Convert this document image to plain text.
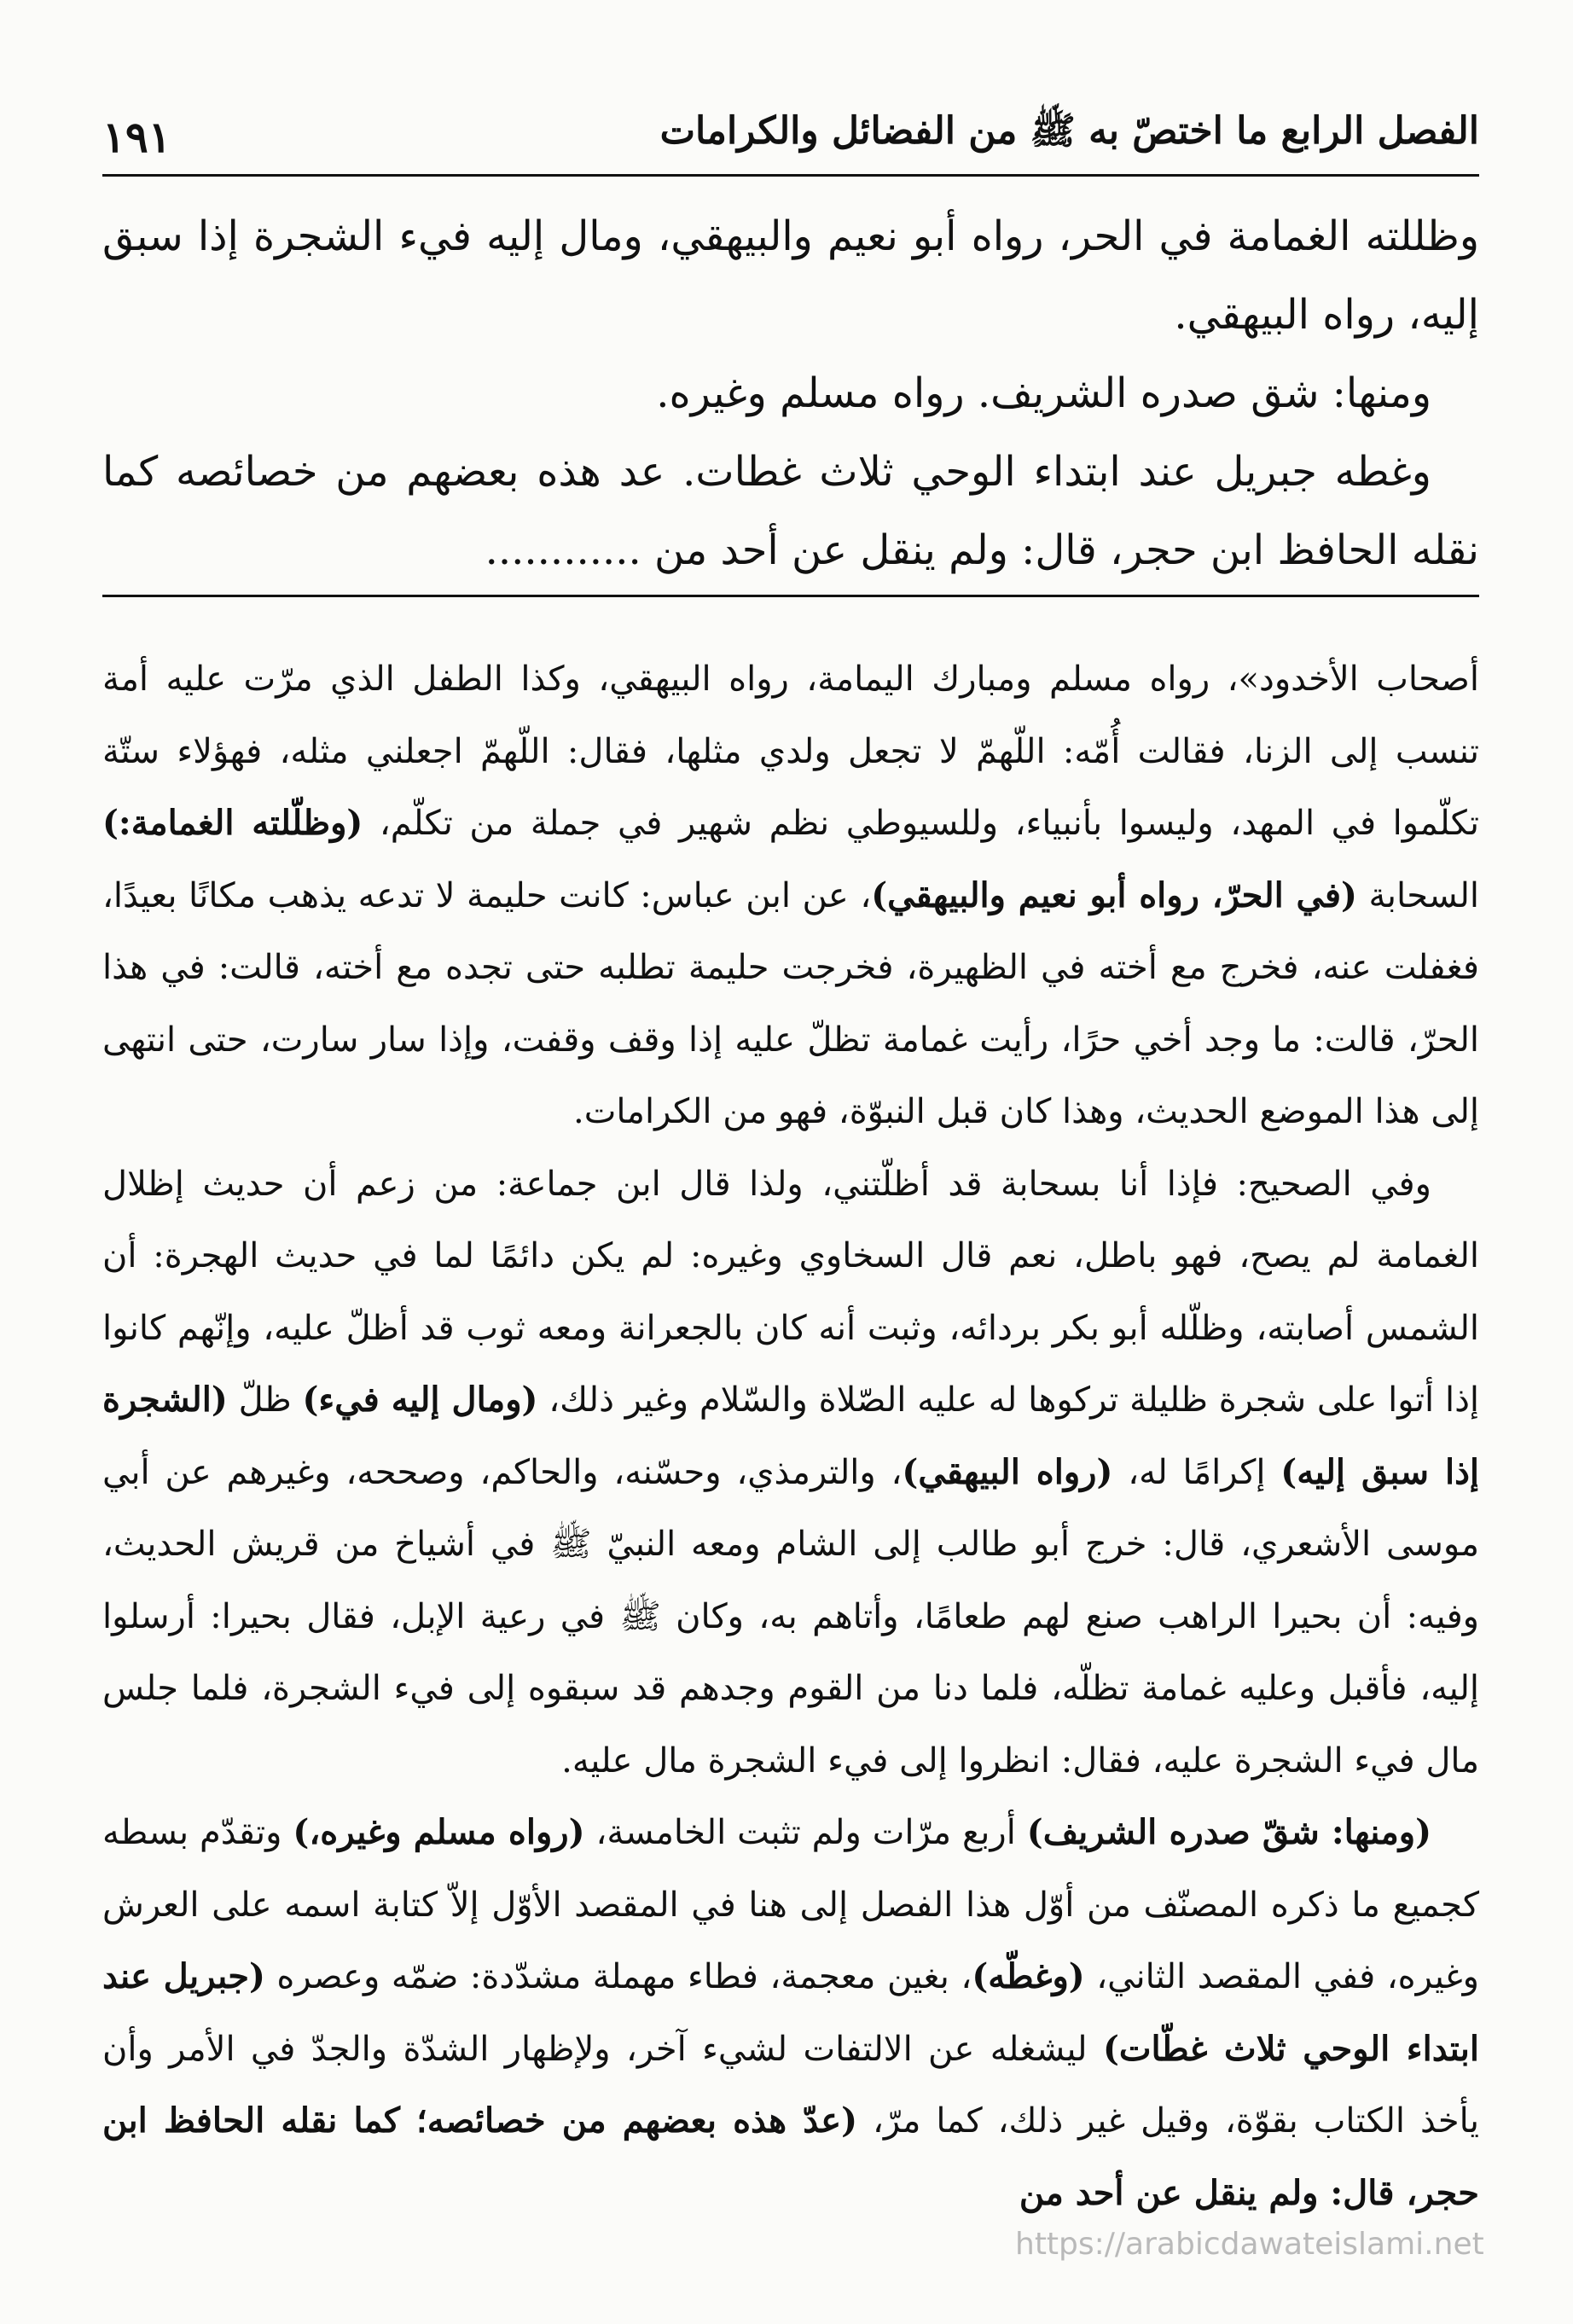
الفصل الرابع ما اختصّ به ﷺ من الفضائل والكرامات
١٩١

وظللته الغمامة في الحر، رواه أبو نعيم والبيهقي، ومال إليه فيء الشجرة إذا سبق إليه، رواه البيهقي.

ومنها: شق صدره الشريف. رواه مسلم وغيره.

وغطه جبريل عند ابتداء الوحي ثلاث غطات. عد هذه بعضهم من خصائصه كما نقله الحافظ ابن حجر، قال: ولم ينقل عن أحد من ............

أصحاب الأخدود»، رواه مسلم ومبارك اليمامة، رواه البيهقي، وكذا الطفل الذي مرّت عليه أمة تنسب إلى الزنا، فقالت أُمّه: اللّهمّ لا تجعل ولدي مثلها، فقال: اللّهمّ اجعلني مثله، فهؤلاء ستّة تكلّموا في المهد، وليسوا بأنبياء، وللسيوطي نظم شهير في جملة من تكلّم، (وظلّلته الغمامة:) السحابة (في الحرّ، رواه أبو نعيم والبيهقي)، عن ابن عباس: كانت حليمة لا تدعه يذهب مكانًا بعيدًا، فغفلت عنه، فخرج مع أخته في الظهيرة، فخرجت حليمة تطلبه حتى تجده مع أخته، قالت: في هذا الحرّ، قالت: ما وجد أخي حرًا، رأيت غمامة تظلّ عليه إذا وقف وقفت، وإذا سار سارت، حتى انتهى إلى هذا الموضع الحديث، وهذا كان قبل النبوّة، فهو من الكرامات.

وفي الصحيح: فإذا أنا بسحابة قد أظلّتني، ولذا قال ابن جماعة: من زعم أن حديث إظلال الغمامة لم يصح، فهو باطل، نعم قال السخاوي وغيره: لم يكن دائمًا لما في حديث الهجرة: أن الشمس أصابته، وظلّله أبو بكر بردائه، وثبت أنه كان بالجعرانة ومعه ثوب قد أظلّ عليه، وإنّهم كانوا إذا أتوا على شجرة ظليلة تركوها له عليه الصّلاة والسّلام وغير ذلك، (ومال إليه فيء) ظلّ (الشجرة إذا سبق إليه) إكرامًا له، (رواه البيهقي)، والترمذي، وحسّنه، والحاكم، وصححه، وغيرهم عن أبي موسى الأشعري، قال: خرج أبو طالب إلى الشام ومعه النبيّ ﷺ في أشياخ من قريش الحديث، وفيه: أن بحيرا الراهب صنع لهم طعامًا، وأتاهم به، وكان ﷺ في رعية الإبل، فقال بحيرا: أرسلوا إليه، فأقبل وعليه غمامة تظلّه، فلما دنا من القوم وجدهم قد سبقوه إلى فيء الشجرة، فلما جلس مال فيء الشجرة عليه، فقال: انظروا إلى فيء الشجرة مال عليه.

(ومنها: شقّ صدره الشريف) أربع مرّات ولم تثبت الخامسة، (رواه مسلم وغيره،) وتقدّم بسطه كجميع ما ذكره المصنّف من أوّل هذا الفصل إلى هنا في المقصد الأوّل إلاّ كتابة اسمه على العرش وغيره، ففي المقصد الثاني، (وغطّه)، بغين معجمة، فطاء مهملة مشدّدة: ضمّه وعصره (جبريل عند ابتداء الوحي ثلاث غطّات) ليشغله عن الالتفات لشيء آخر، ولإظهار الشدّة والجدّ في الأمر وأن يأخذ الكتاب بقوّة، وقيل غير ذلك، كما مرّ، (عدّ هذه بعضهم من خصائصه؛ كما نقله الحافظ ابن حجر، قال: ولم ينقل عن أحد من

https://arabicdawateislami.net
